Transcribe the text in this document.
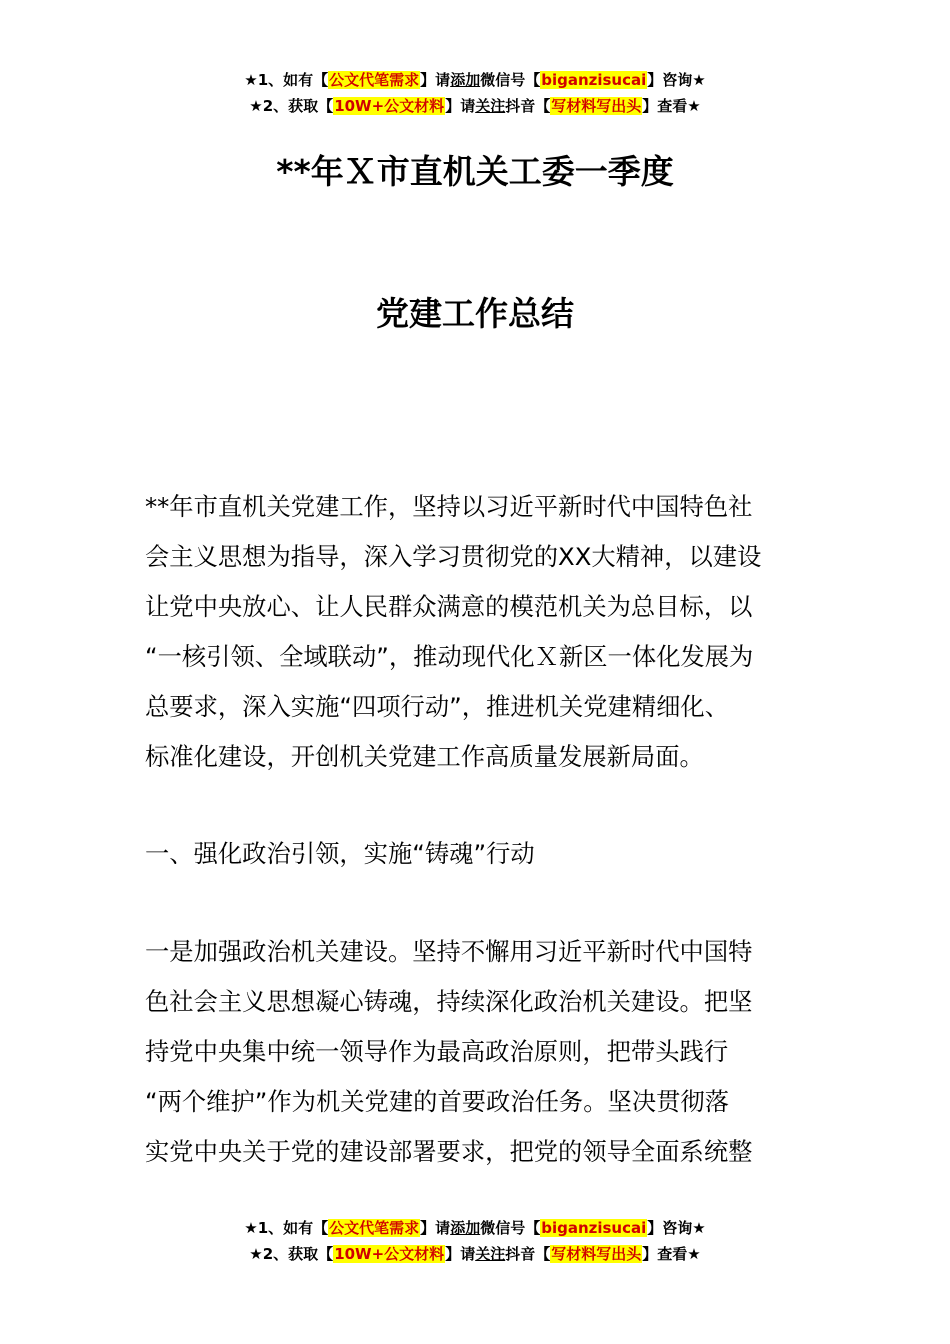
★1、如有【公文代笔需求】请添加微信号【biganzisucai】咨询★
★2、获取【10W+公文材料】请关注抖音【写材料写出头】查看★
**年Ｘ市直机关工委一季度
党建工作总结
**年市直机关党建工作，坚持以习近平新时代中国特色社
会主义思想为指导，深入学习贯彻党的XX大精神，以建设
让党中央放心、让人民群众满意的模范机关为总目标，以
“一核引领、全域联动”，推动现代化Ｘ新区一体化发展为
总要求，深入实施“四项行动”，推进机关党建精细化、
标准化建设，开创机关党建工作高质量发展新局面。
一、强化政治引领，实施“铸魂”行动
一是加强政治机关建设。坚持不懈用习近平新时代中国特
色社会主义思想凝心铸魂，持续深化政治机关建设。把坚
持党中央集中统一领导作为最高政治原则，把带头践行
“两个维护”作为机关党建的首要政治任务。坚决贯彻落
实党中央关于党的建设部署要求，把党的领导全面系统整
★1、如有【公文代笔需求】请添加微信号【biganzisucai】咨询★
★2、获取【10W+公文材料】请关注抖音【写材料写出头】查看★
